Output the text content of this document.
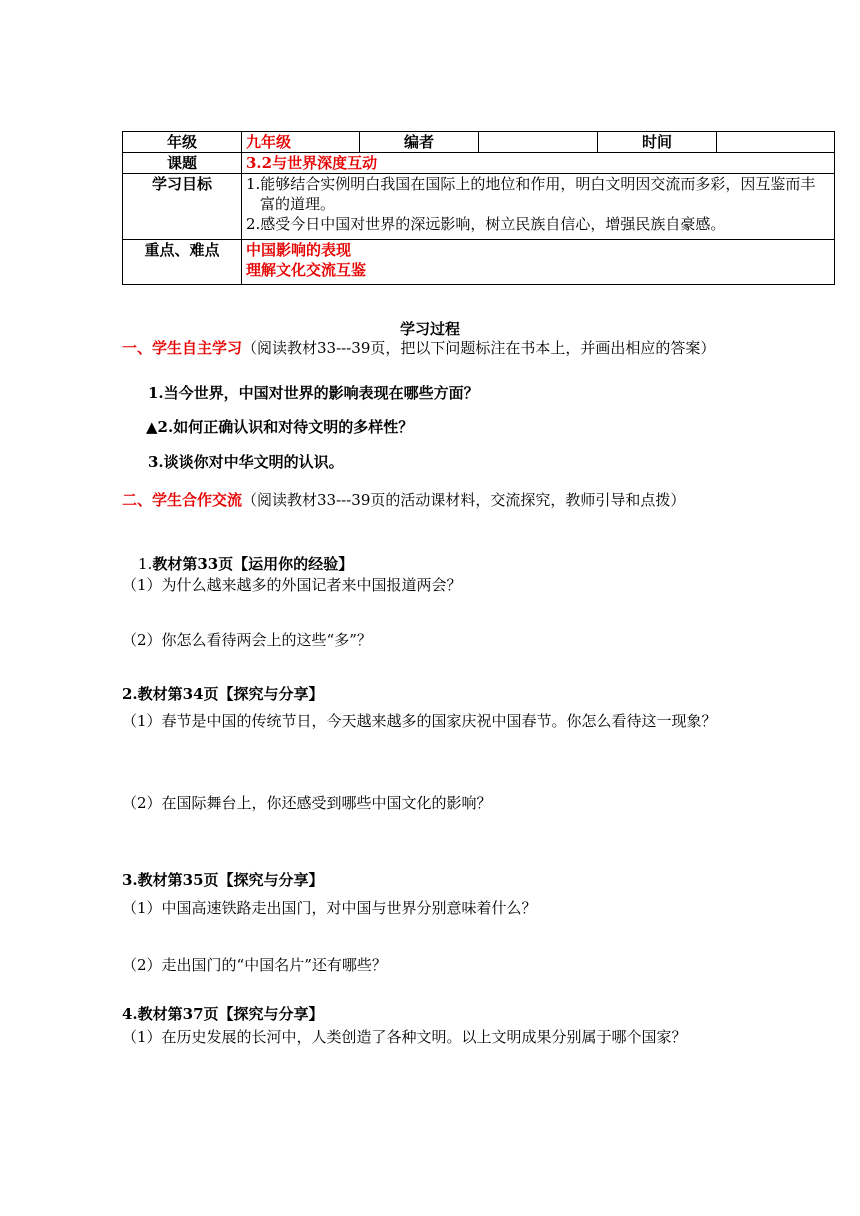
年级	九年级	编者		时间	
课题	3.2与世界深度互动				
学习目标	1.能够结合实例明白我国在国际上的地位和作用，明白文明因交流而多彩，因互鉴而丰富的道理。
2.感受今日中国对世界的深远影响，树立民族自信心，增强民族自豪感。				

重点、难点	中国影响的表现
理解文化交流互鉴				
学习过程
一、学生自主学习（阅读教材33---39页，把以下问题标注在书本上，并画出相应的答案）
1.当今世界，中国对世界的影响表现在哪些方面？
▲2.如何正确认识和对待文明的多样性？
3.谈谈你对中华文明的认识。
二、学生合作交流（阅读教材33---39页的活动课材料，交流探究，教师引导和点拨）
1.教材第33页【运用你的经验】
（1）为什么越来越多的外国记者来中国报道两会？
（2）你怎么看待两会上的这些“多”？
2.教材第34页【探究与分享】
（1）春节是中国的传统节日，今天越来越多的国家庆祝中国春节。你怎么看待这一现象？
（2）在国际舞台上，你还感受到哪些中国文化的影响？
3.教材第35页【探究与分享】
（1）中国高速铁路走出国门，对中国与世界分别意味着什么？
（2）走出国门的“中国名片”还有哪些？
4.教材第37页【探究与分享】
（1）在历史发展的长河中，人类创造了各种文明。以上文明成果分别属于哪个国家？
